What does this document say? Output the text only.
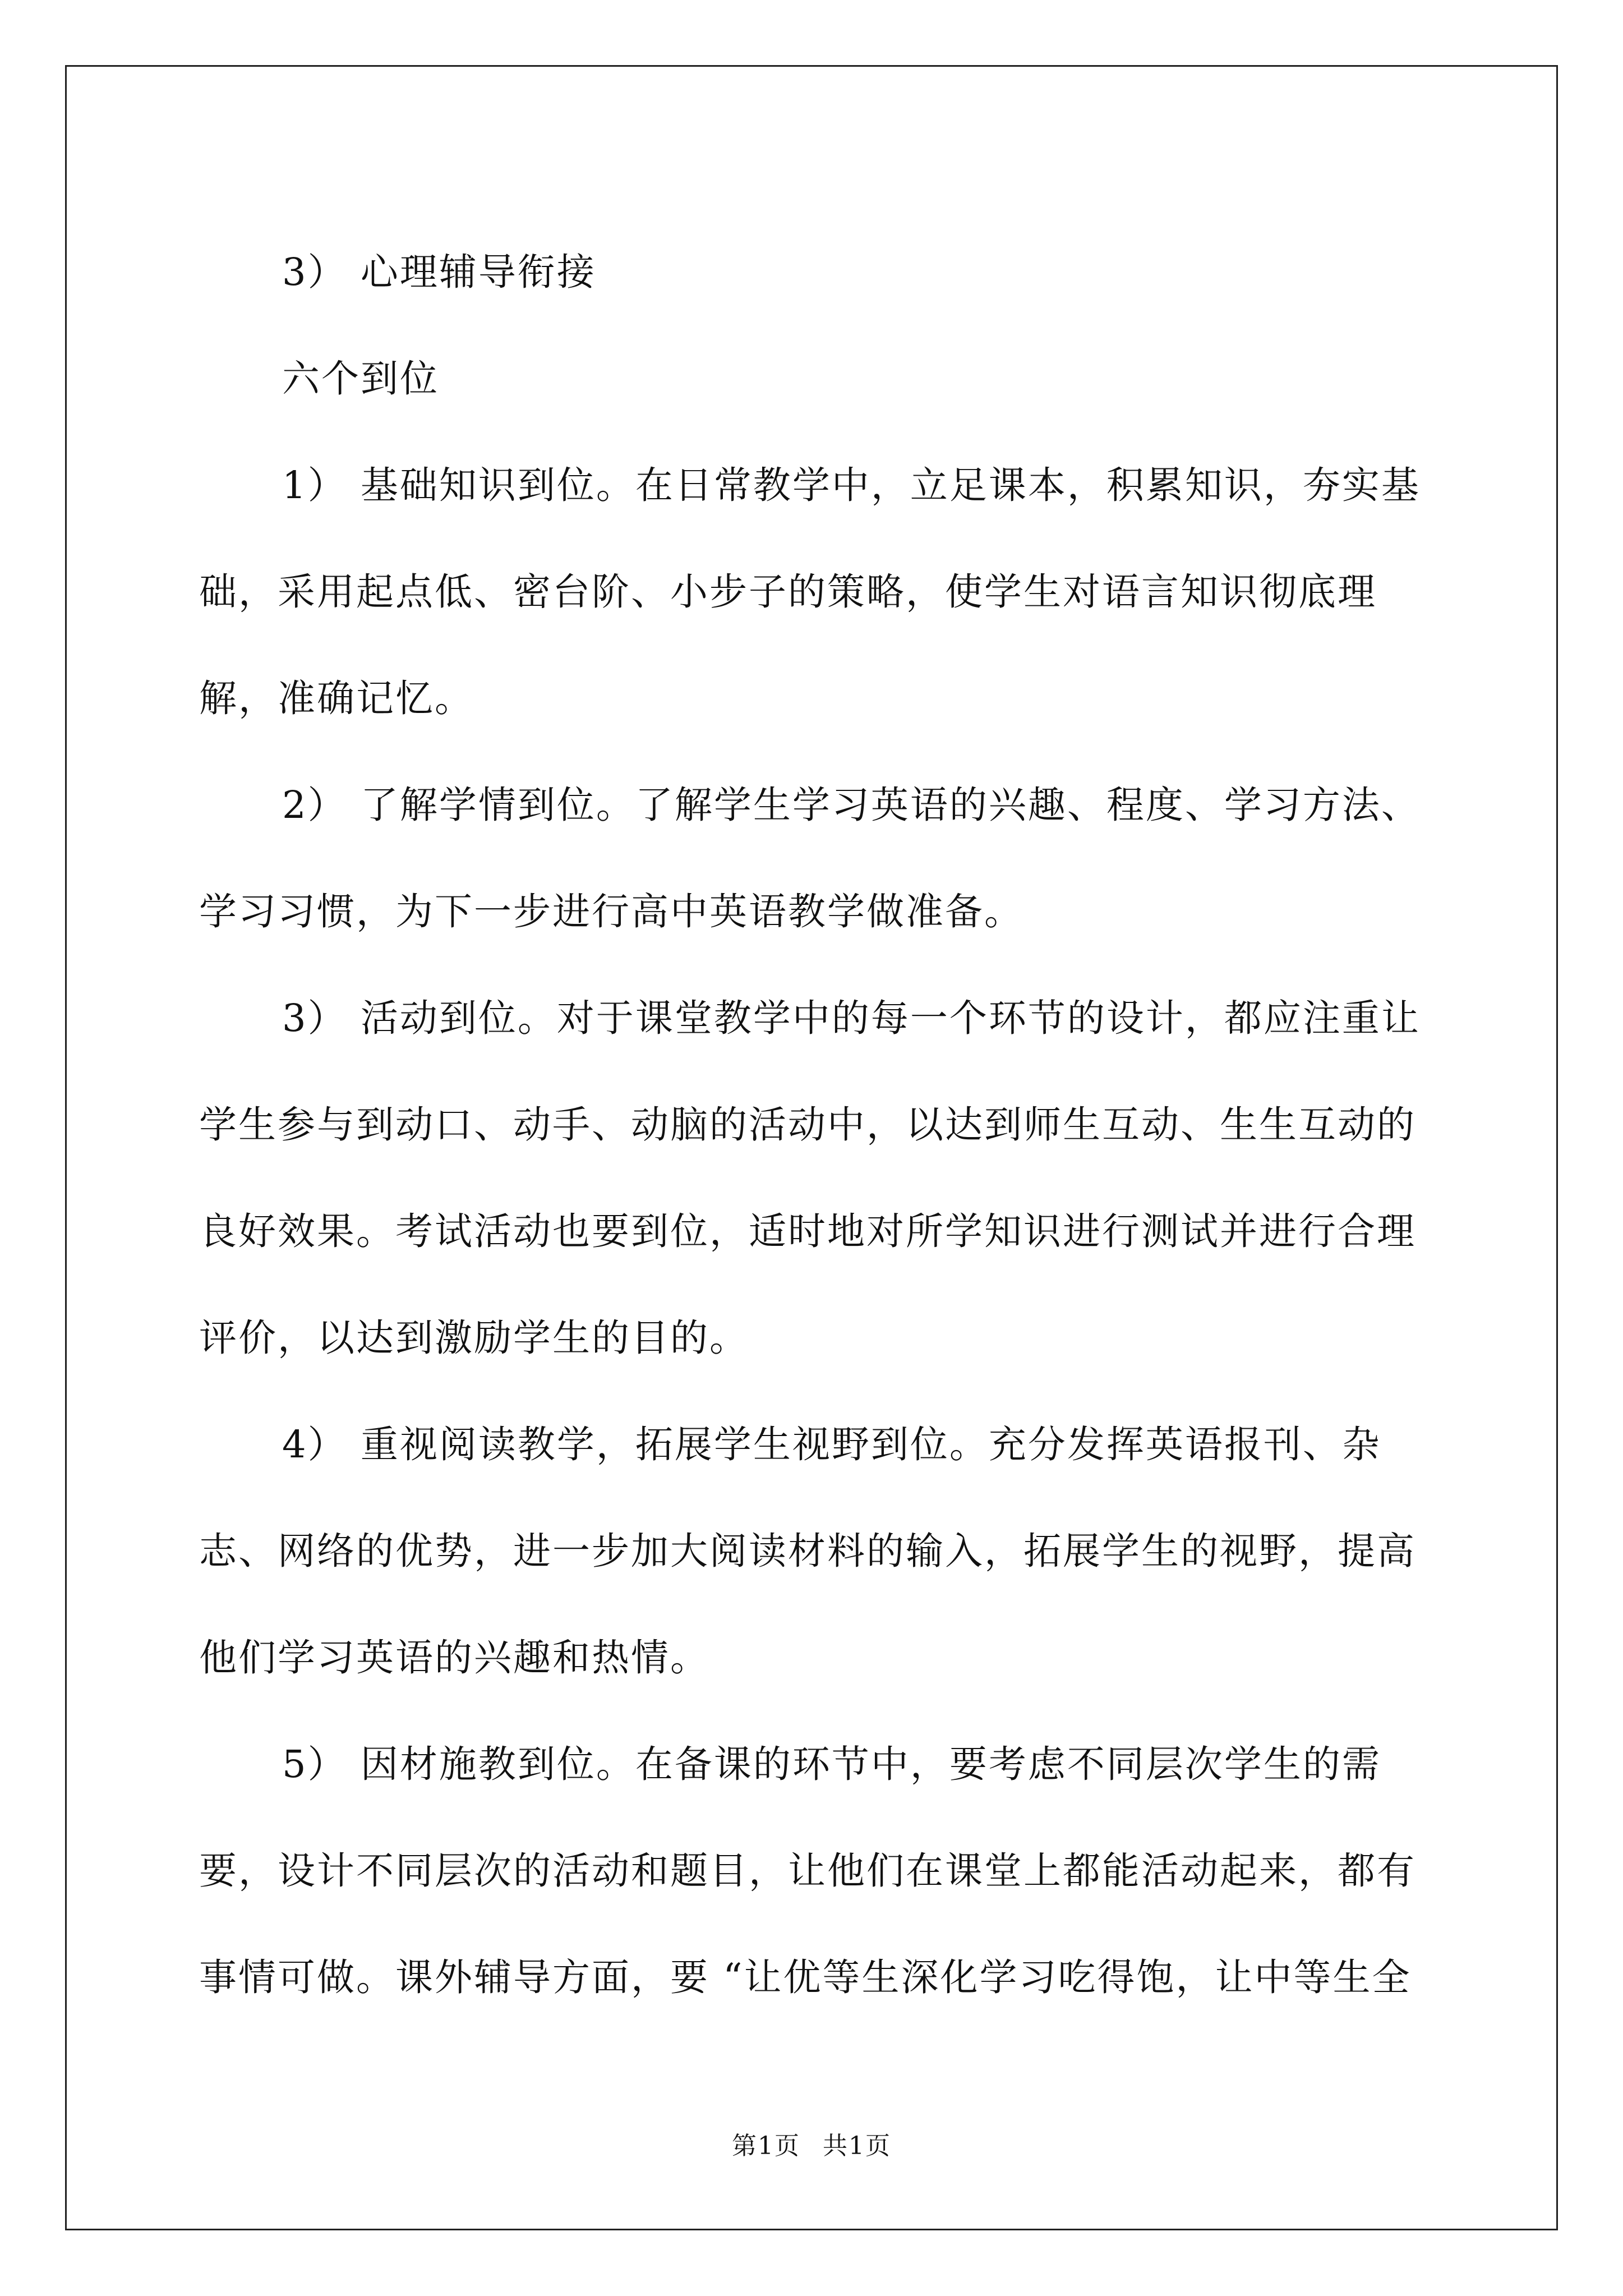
3） 心理辅导衔接

六个到位

1） 基础知识到位。在日常教学中，立足课本，积累知识，夯实基础，采用起点低、密台阶、小步子的策略，使学生对语言知识彻底理解，准确记忆。

2） 了解学情到位。了解学生学习英语的兴趣、程度、学习方法、学习习惯，为下一步进行高中英语教学做准备。

3） 活动到位。对于课堂教学中的每一个环节的设计，都应注重让学生参与到动口、动手、动脑的活动中，以达到师生互动、生生互动的良好效果。考试活动也要到位，适时地对所学知识进行测试并进行合理评价，以达到激励学生的目的。

4） 重视阅读教学，拓展学生视野到位。充分发挥英语报刊、杂志、网络的优势，进一步加大阅读材料的输入，拓展学生的视野，提高他们学习英语的兴趣和热情。

5） 因材施教到位。在备课的环节中，要考虑不同层次学生的需要，设计不同层次的活动和题目，让他们在课堂上都能活动起来，都有事情可做。课外辅导方面，要 “让优等生深化学习吃得饱，让中等生全

第1页 共1页
